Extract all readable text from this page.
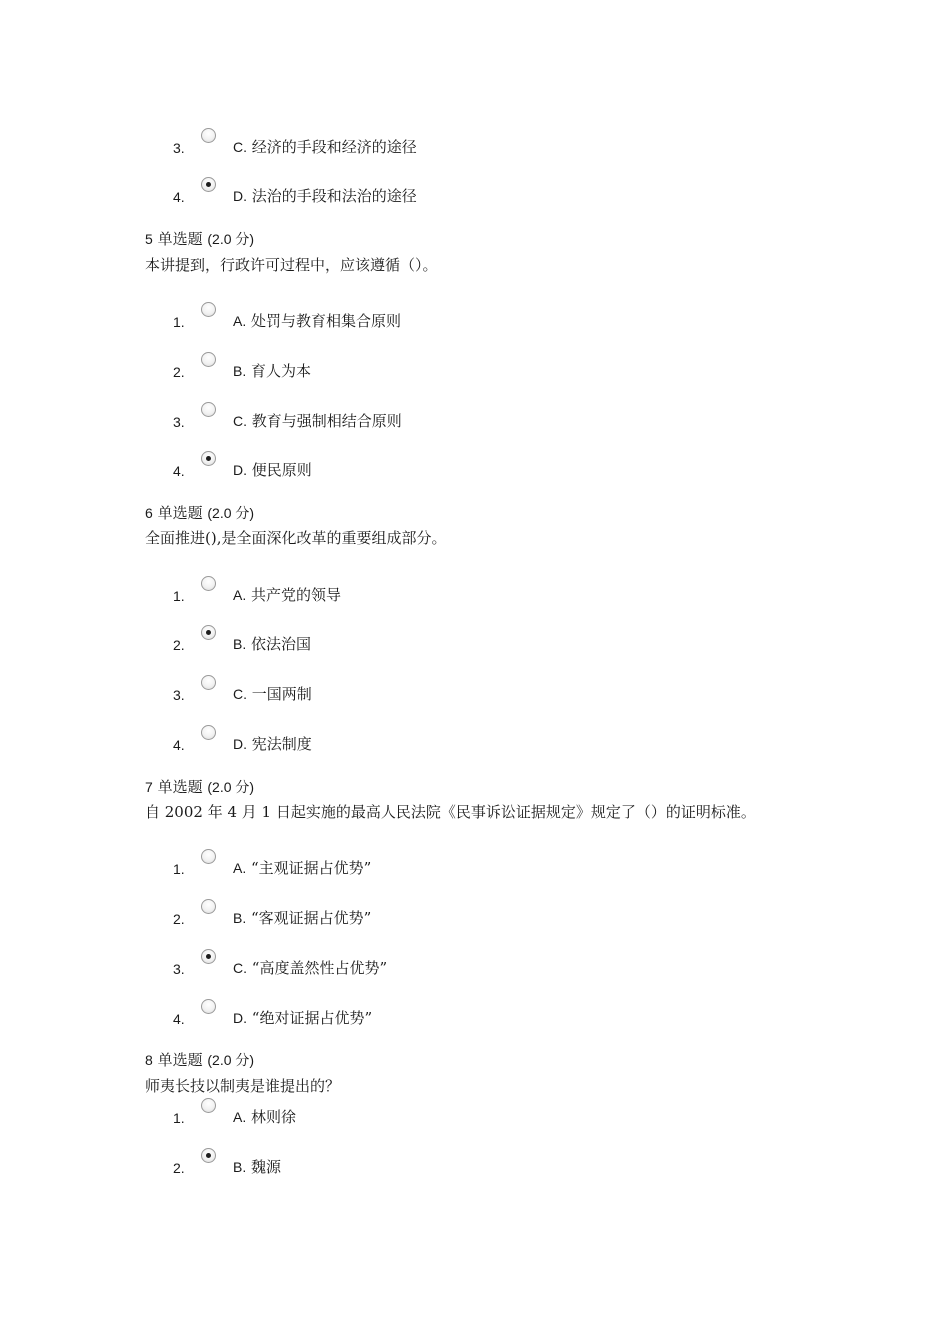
3.	C. 经济的手段和经济的途径
4.	D. 法治的手段和法治的途径
5 单选题 (2.0 分)
本讲提到，行政许可过程中，应该遵循（）。
1.	A. 处罚与教育相集合原则
2.	B. 育人为本
3.	C. 教育与强制相结合原则
4.	D. 便民原则
6 单选题 (2.0 分)
全面推进(),是全面深化改革的重要组成部分。
1.	A. 共产党的领导
2.	B. 依法治国
3.	C. 一国两制
4.	D. 宪法制度
7 单选题 (2.0 分)
自 2002 年 4 月 1 日起实施的最高人民法院《民事诉讼证据规定》规定了（）的证明标准。
1.	A. “主观证据占优势”
2.	B. “客观证据占优势”
3.	C. “高度盖然性占优势”
4.	D. “绝对证据占优势”
8 单选题 (2.0 分)
师夷长技以制夷是谁提出的？
1.	A. 林则徐
2.	B. 魏源
